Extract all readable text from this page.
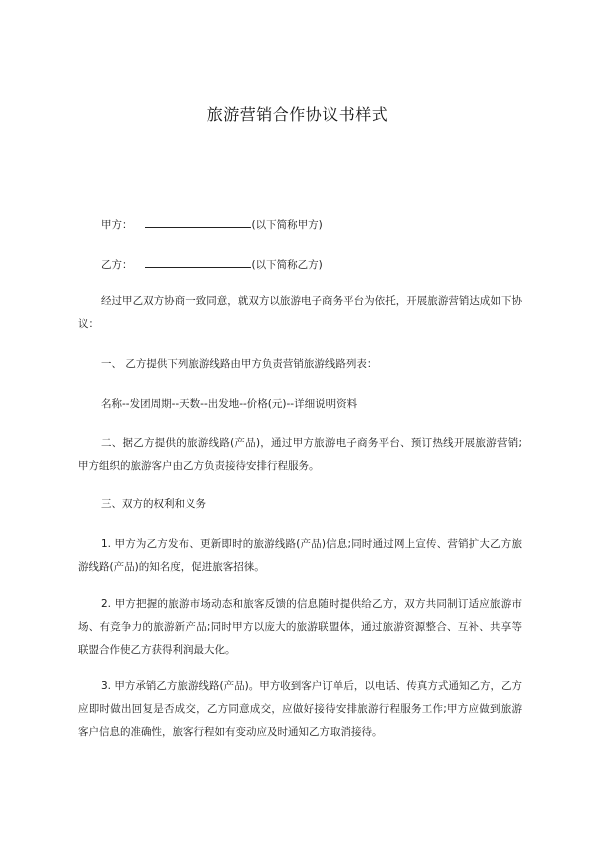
旅游营销合作协议书样式
甲方：	(以下简称甲方)
乙方：	(以下简称乙方)

经过甲乙双方协商一致同意，就双方以旅游电子商务平台为依托，开展旅游营销达成如下协议：

一、 乙方提供下列旅游线路由甲方负责营销旅游线路列表：

名称--发团周期--天数--出发地--价格(元)--详细说明资料

二、据乙方提供的旅游线路(产品)，通过甲方旅游电子商务平台、预订热线开展旅游营销;甲方组织的旅游客户由乙方负责接待安排行程服务。

三、双方的权利和义务

1. 甲方为乙方发布、更新即时的旅游线路(产品)信息;同时通过网上宣传、营销扩大乙方旅游线路(产品)的知名度，促进旅客招徕。

2. 甲方把握的旅游市场动态和旅客反馈的信息随时提供给乙方，双方共同制订适应旅游市场、有竞争力的旅游新产品;同时甲方以庞大的旅游联盟体，通过旅游资源整合、互补、共享等联盟合作使乙方获得利润最大化。

3. 甲方承销乙方旅游线路(产品)。甲方收到客户订单后，以电话、传真方式通知乙方，乙方应即时做出回复是否成交，乙方同意成交，应做好接待安排旅游行程服务工作;甲方应做到旅游客户信息的准确性，旅客行程如有变动应及时通知乙方取消接待。
